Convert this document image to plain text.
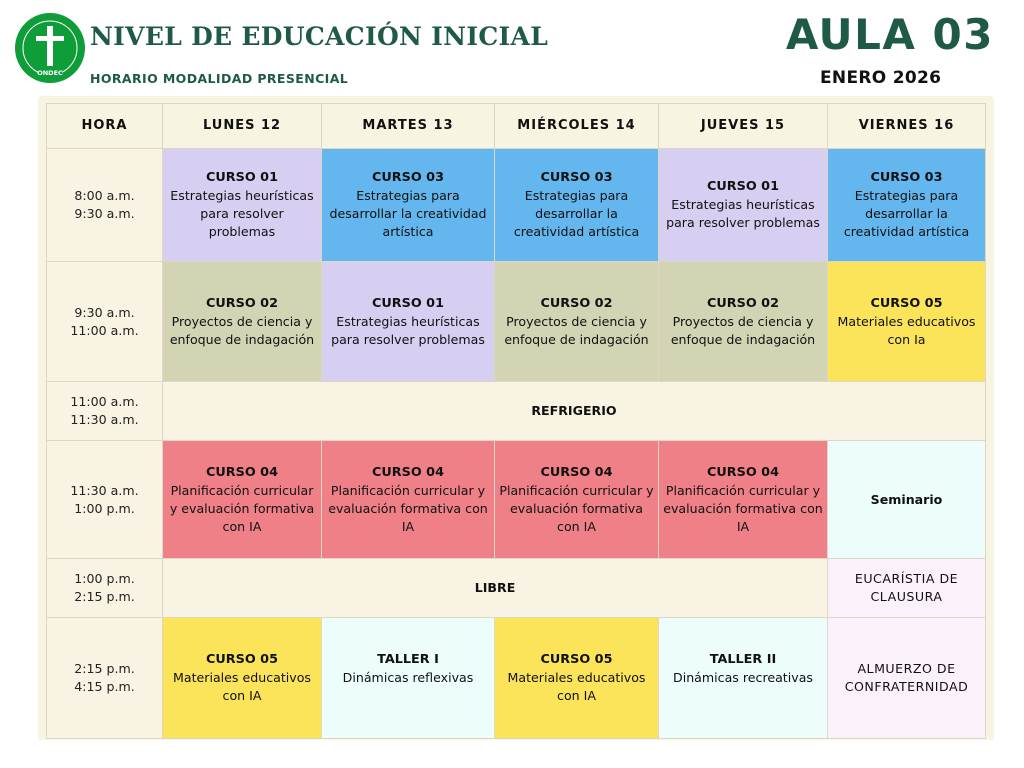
ONDEC
NIVEL DE EDUCACIÓN INICIAL
HORARIO MODALIDAD PRESENCIAL
AULA 03
ENERO 2026
HORA	LUNES 12	MARTES 13	MIÉRCOLES 14	JUEVES 15	VIERNES 16

8:00 a.m.
9:30 a.m.	CURSO 01
Estrategias heurísticas para resolver problemas	CURSO 03
Estrategias para desarrollar la creatividad artística	CURSO 03
Estrategias para desarrollar la creatividad artística	CURSO 01
Estrategias heurísticas para resolver problemas	CURSO 03
Estrategias para desarrollar la creatividad artística

9:30 a.m.
11:00 a.m.	CURSO 02
Proyectos de ciencia y enfoque de indagación	CURSO 01
Estrategias heurísticas para resolver problemas	CURSO 02
Proyectos de ciencia y enfoque de indagación	CURSO 02
Proyectos de ciencia y enfoque de indagación	CURSO 05
Materiales educativos con Ia

11:00 a.m.
11:30 a.m.	REFRIGERIO				

11:30 a.m.
1:00 p.m.	CURSO 04
Planificación curricular y evaluación formativa con IA	CURSO 04
Planificación curricular y evaluación formativa con IA	CURSO 04
Planificación curricular y evaluación formativa con IA	CURSO 04
Planificación curricular y evaluación formativa con IA	Seminario

1:00 p.m.
2:15 p.m.	LIBRE				EUCARÍSTIA DE CLAUSURA

2:15 p.m.
4:15 p.m.	CURSO 05
Materiales educativos con IA	TALLER I
Dinámicas reflexivas	CURSO 05
Materiales educativos con IA	TALLER II
Dinámicas recreativas	ALMUERZO DE CONFRATERNIDAD
